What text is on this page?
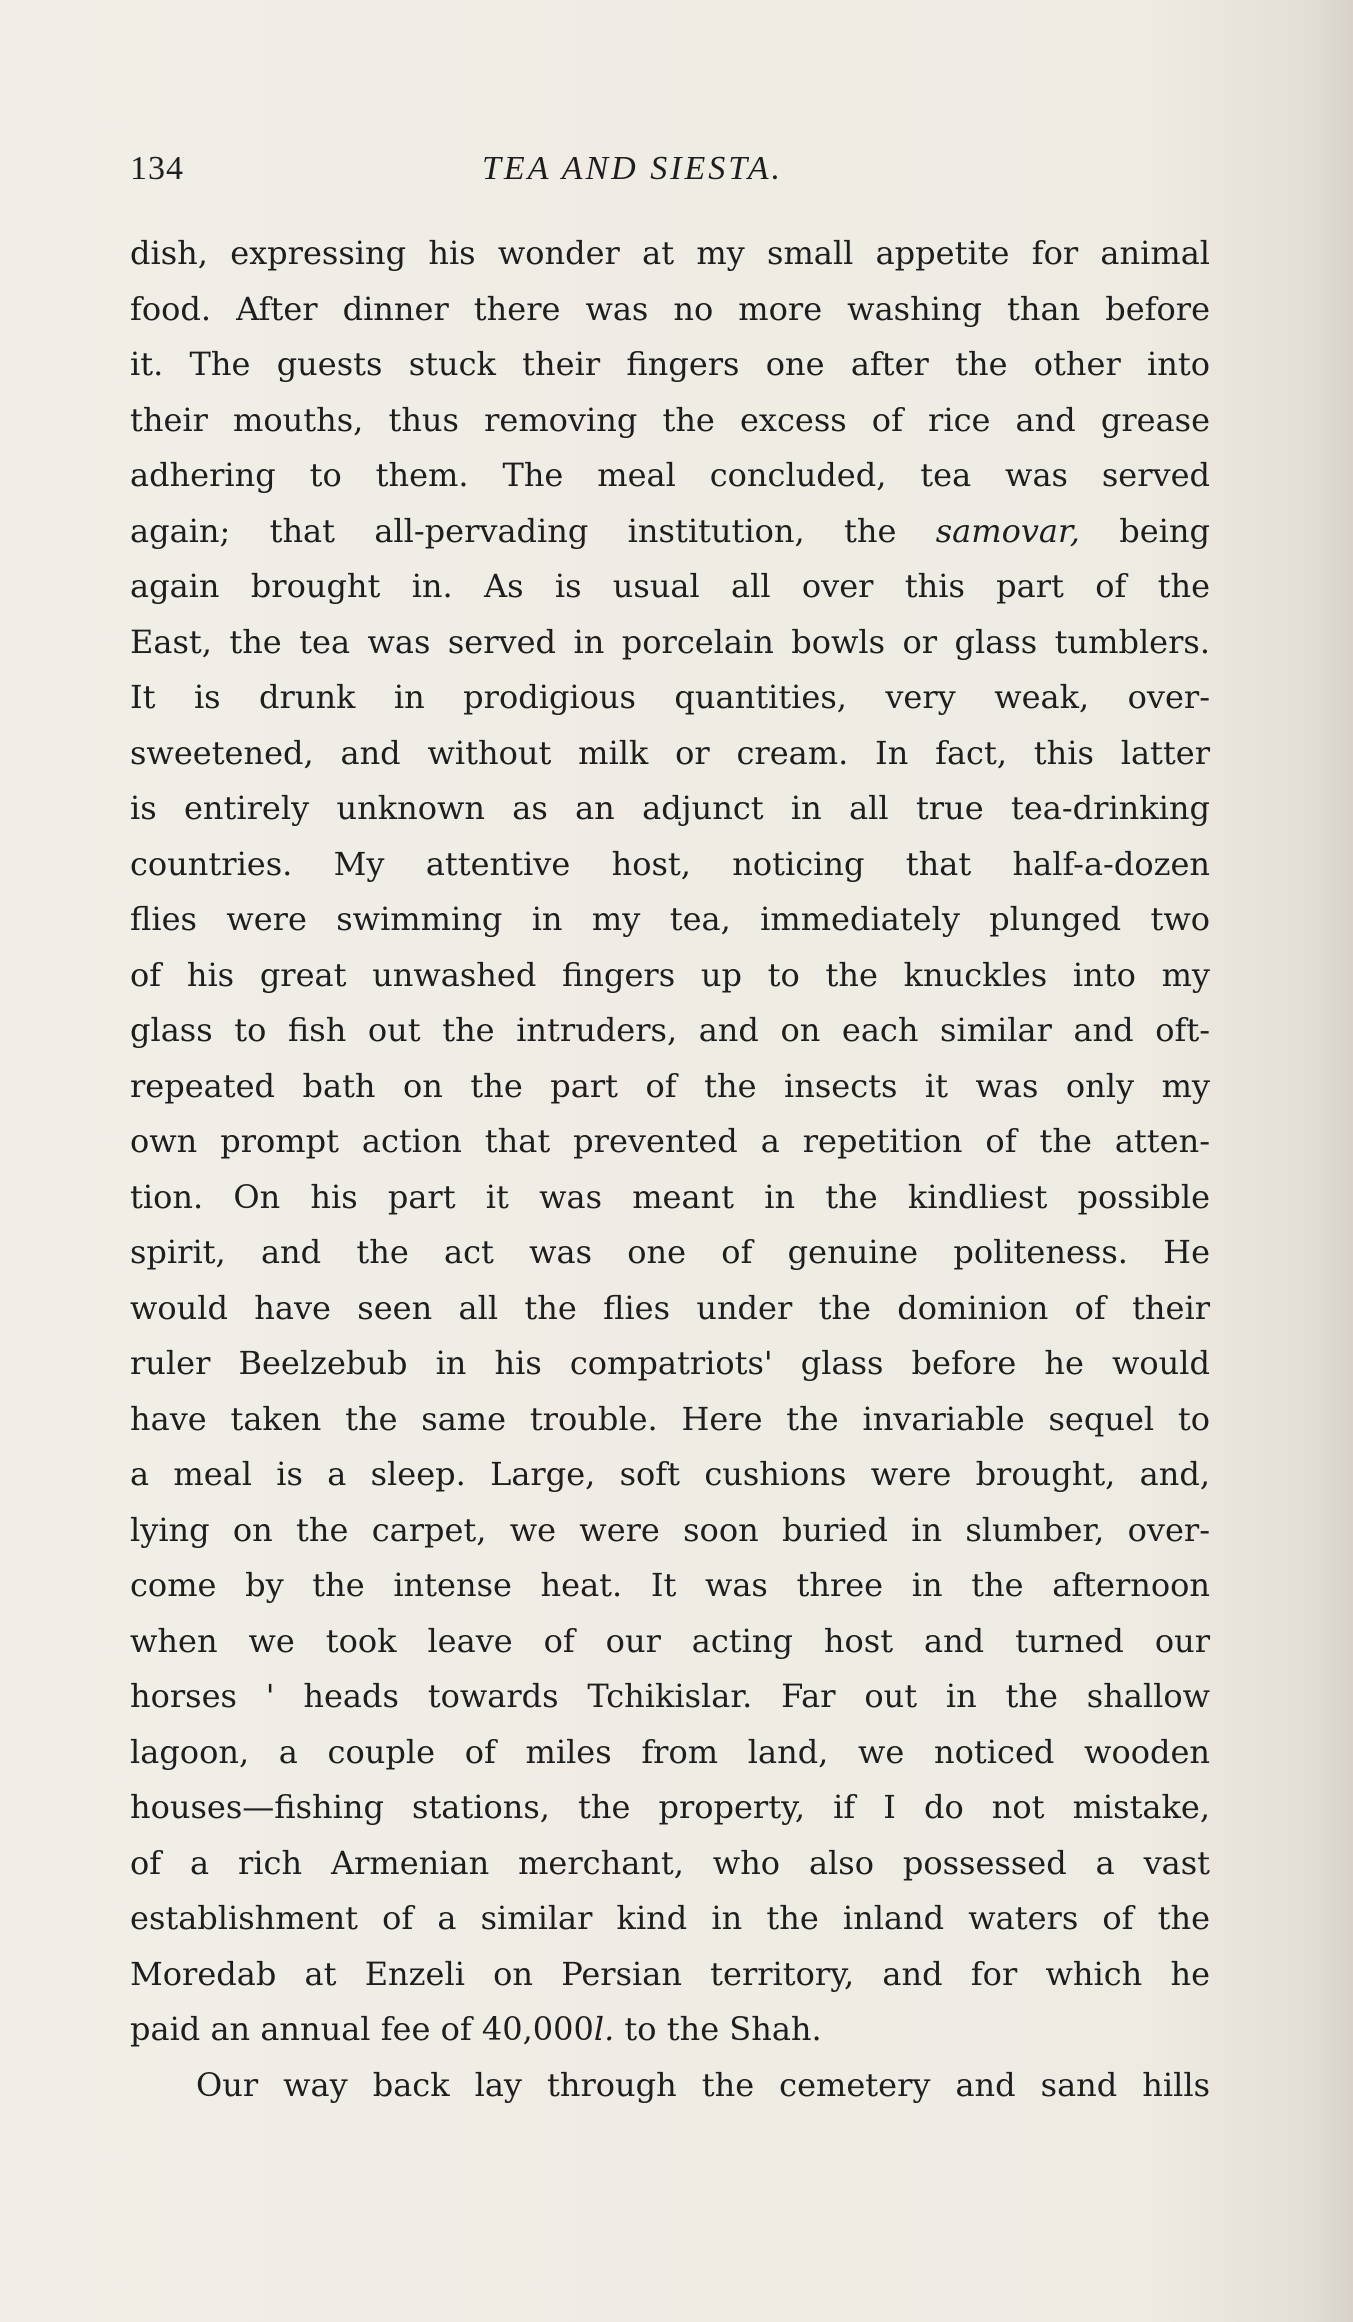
134	TEA AND SIESTA.
dish, expressing his wonder at my small appetite for animal
food. After dinner there was no more washing than before
it. The guests stuck their fingers one after the other into
their mouths, thus removing the excess of rice and grease
adhering to them. The meal concluded, tea was served
again; that all-pervading institution, the samovar, being
again brought in. As is usual all over this part of the
East, the tea was served in porcelain bowls or glass tumblers.
It is drunk in prodigious quantities, very weak, over-
sweetened, and without milk or cream. In fact, this latter
is entirely unknown as an adjunct in all true tea-drinking
countries. My attentive host, noticing that half-a-dozen
flies were swimming in my tea, immediately plunged two
of his great unwashed fingers up to the knuckles into my
glass to fish out the intruders, and on each similar and oft-
repeated bath on the part of the insects it was only my
own prompt action that prevented a repetition of the atten-
tion. On his part it was meant in the kindliest possible
spirit, and the act was one of genuine politeness. He
would have seen all the flies under the dominion of their
ruler Beelzebub in his compatriots' glass before he would
have taken the same trouble. Here the invariable sequel to
a meal is a sleep. Large, soft cushions were brought, and,
lying on the carpet, we were soon buried in slumber, over-
come by the intense heat. It was three in the afternoon
when we took leave of our acting host and turned our
horses ' heads towards Tchikislar. Far out in the shallow
lagoon, a couple of miles from land, we noticed wooden
houses—fishing stations, the property, if I do not mistake,
of a rich Armenian merchant, who also possessed a vast
establishment of a similar kind in the inland waters of the
Moredab at Enzeli on Persian territory, and for which he
paid an annual fee of 40,000l. to the Shah.
Our way back lay through the cemetery and sand hills
